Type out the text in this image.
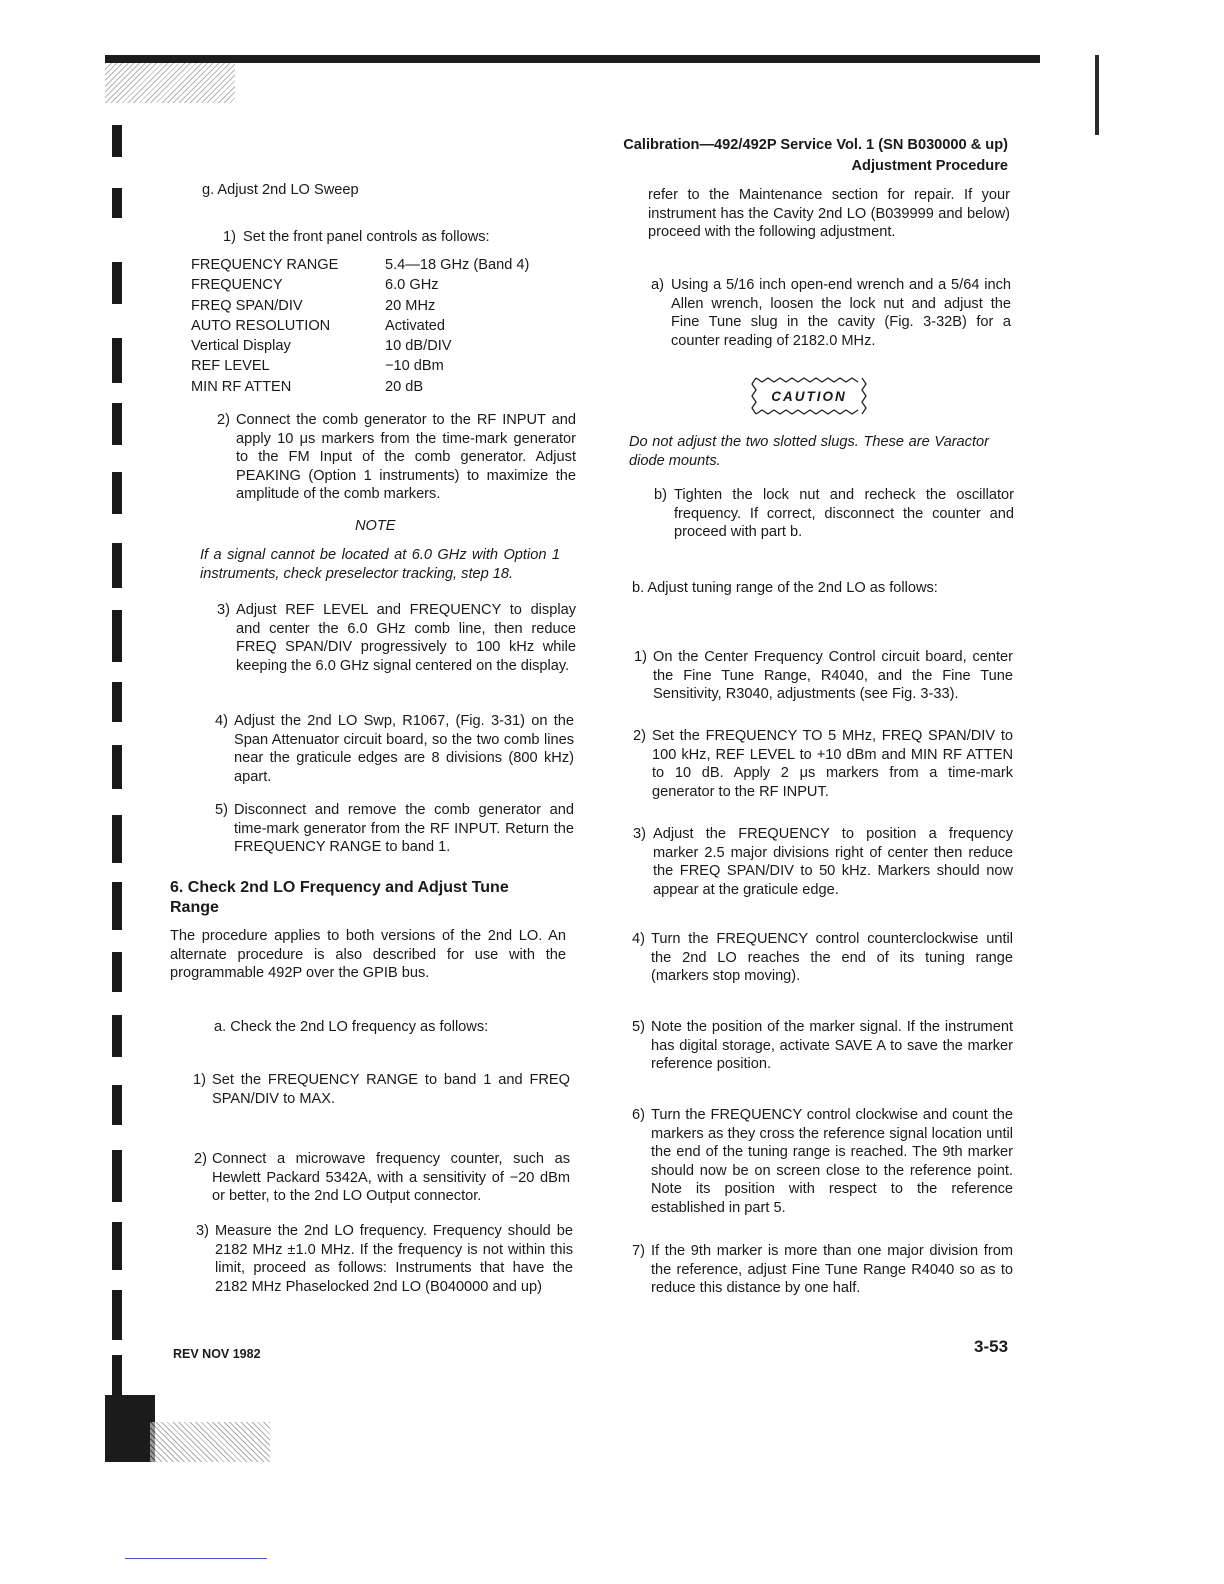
Calibration—492/492P Service Vol. 1 (SN B030000 & up)
Adjustment Procedure

g. Adjust 2nd LO Sweep

1) Set the front panel controls as follows:

FREQUENCY RANGE	5.4—18 GHz (Band 4)
FREQUENCY	6.0 GHz
FREQ SPAN/DIV	20 MHz
AUTO RESOLUTION	Activated
Vertical Display	10 dB/DIV
REF LEVEL	−10 dBm
MIN RF ATTEN	20 dB
2) Connect the comb generator to the RF INPUT and apply 10 μs markers from the time-mark generator to the FM Input of the comb generator. Adjust PEAKING (Option 1 instruments) to maximize the amplitude of the comb markers.

NOTE

If a signal cannot be located at 6.0 GHz with Option 1 instruments, check preselector tracking, step 18.

3) Adjust REF LEVEL and FREQUENCY to display and center the 6.0 GHz comb line, then reduce FREQ SPAN/DIV progressively to 100 kHz while keeping the 6.0 GHz signal centered on the display.

4) Adjust the 2nd LO Swp, R1067, (Fig. 3-31) on the Span Attenuator circuit board, so the two comb lines near the graticule edges are 8 divisions (800 kHz) apart.

5) Disconnect and remove the comb generator and time-mark generator from the RF INPUT. Return the FREQUENCY RANGE to band 1.

6. Check 2nd LO Frequency and Adjust Tune Range

The procedure applies to both versions of the 2nd LO. An alternate procedure is also described for use with the programmable 492P over the GPIB bus.

a. Check the 2nd LO frequency as follows:

1) Set the FREQUENCY RANGE to band 1 and FREQ SPAN/DIV to MAX.

2) Connect a microwave frequency counter, such as Hewlett Packard 5342A, with a sensitivity of −20 dBm or better, to the 2nd LO Output connector.

3) Measure the 2nd LO frequency. Frequency should be 2182 MHz ±1.0 MHz. If the frequency is not within this limit, proceed as follows: Instruments that have the 2182 MHz Phaselocked 2nd LO (B040000 and up)

refer to the Maintenance section for repair. If your instrument has the Cavity 2nd LO (B039999 and below) proceed with the following adjustment.

a) Using a 5/16 inch open-end wrench and a 5/64 inch Allen wrench, loosen the lock nut and adjust the Fine Tune slug in the cavity (Fig. 3-32B) for a counter reading of 2182.0 MHz.

CAUTION

Do not adjust the two slotted slugs. These are Varactor diode mounts.

b) Tighten the lock nut and recheck the oscillator frequency. If correct, disconnect the counter and proceed with part b.

b. Adjust tuning range of the 2nd LO as follows:

1) On the Center Frequency Control circuit board, center the Fine Tune Range, R4040, and the Fine Tune Sensitivity, R3040, adjustments (see Fig. 3-33).

2) Set the FREQUENCY TO 5 MHz, FREQ SPAN/DIV to 100 kHz, REF LEVEL to +10 dBm and MIN RF ATTEN to 10 dB. Apply 2 μs markers from a time-mark generator to the RF INPUT.

3) Adjust the FREQUENCY to position a frequency marker 2.5 major divisions right of center then reduce the FREQ SPAN/DIV to 50 kHz. Markers should now appear at the graticule edge.

4) Turn the FREQUENCY control counterclockwise until the 2nd LO reaches the end of its tuning range (markers stop moving).

5) Note the position of the marker signal. If the instrument has digital storage, activate SAVE A to save the marker reference position.

6) Turn the FREQUENCY control clockwise and count the markers as they cross the reference signal location until the end of the tuning range is reached. The 9th marker should now be on screen close to the reference point. Note its position with respect to the reference established in part 5.

7) If the 9th marker is more than one major division from the reference, adjust Fine Tune Range R4040 so as to reduce this distance by one half.

REV NOV 1982	3-53
